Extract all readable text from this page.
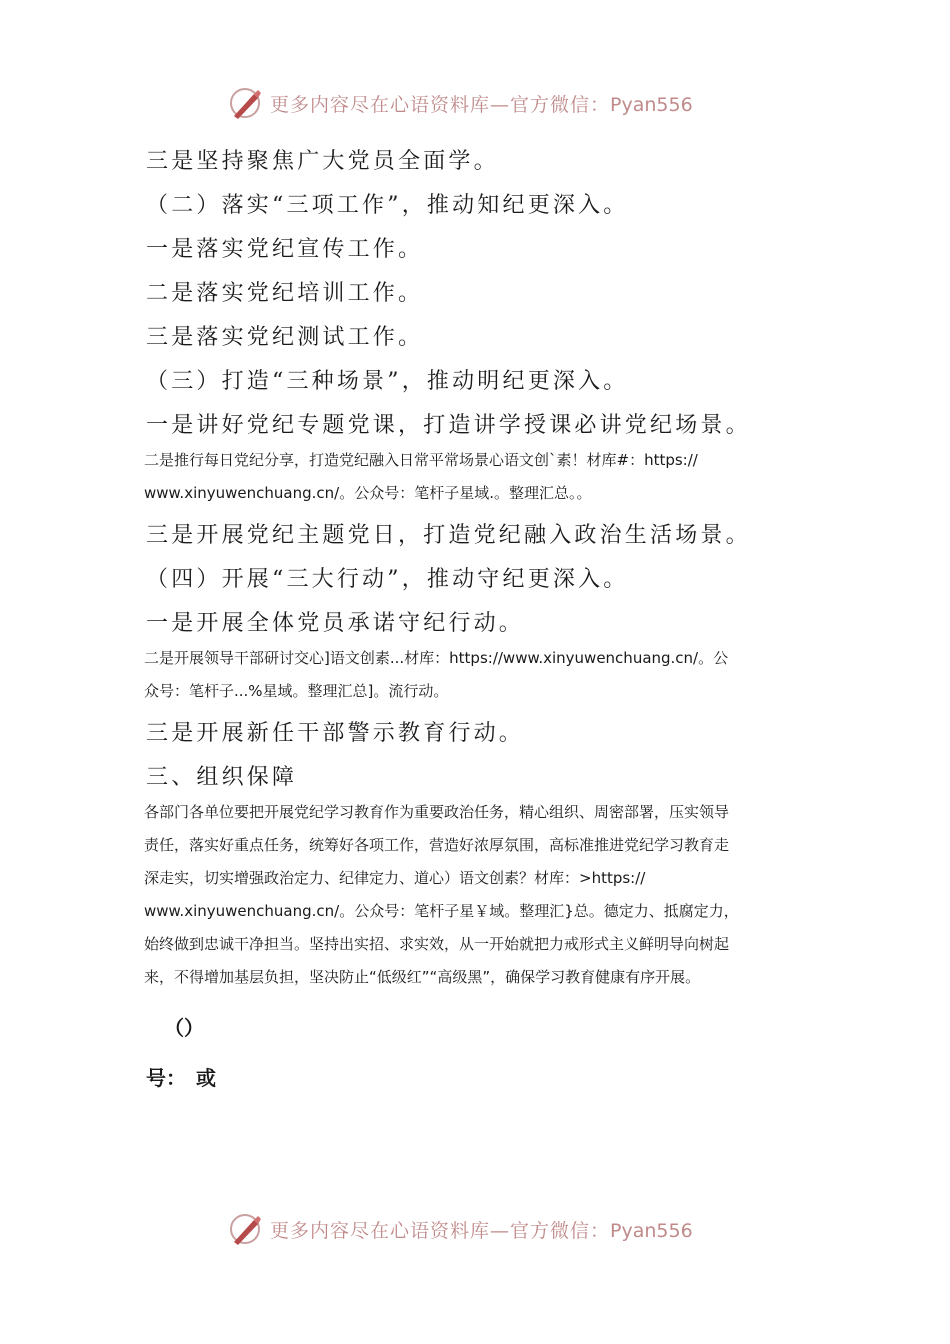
更多内容尽在心语资料库—官方微信：Pyan556
三是坚持聚焦广大党员全面学。
（二）落实“三项工作”，推动知纪更深入。
一是落实党纪宣传工作。
二是落实党纪培训工作。
三是落实党纪测试工作。
（三）打造“三种场景”，推动明纪更深入。
一是讲好党纪专题党课，打造讲学授课必讲党纪场景。
二是推行每日党纪分享，打造党纪融入日常平常场景心语文创`素！材库#：https://
www.xinyuwenchuang.cn/。公众号：笔杆子星域.。整理汇总。。
三是开展党纪主题党日，打造党纪融入政治生活场景。
（四）开展“三大行动”，推动守纪更深入。
一是开展全体党员承诺守纪行动。
二是开展领导干部研讨交心]语文创素...材库：https://www.xinyuwenchuang.cn/。公
众号：笔杆子...%星域。整理汇总]。流行动。
三是开展新任干部警示教育行动。
三、组织保障
各部门各单位要把开展党纪学习教育作为重要政治任务，精心组织、周密部署，压实领导
责任，落实好重点任务，统筹好各项工作，营造好浓厚氛围，高标准推进党纪学习教育走
深走实，切实增强政治定力、纪律定力、道心）语文创素？材库：>https://
www.xinyuwenchuang.cn/。公众号：笔杆子星￥域。整理汇}总。德定力、抵腐定力，
始终做到忠诚干净担当。坚持出实招、求实效，从一开始就把力戒形式主义鲜明导向树起
来，不得增加基层负担，坚决防止“低级红”“高级黑”，确保学习教育健康有序开展。
（）
号：　或
更多内容尽在心语资料库—官方微信：Pyan556
